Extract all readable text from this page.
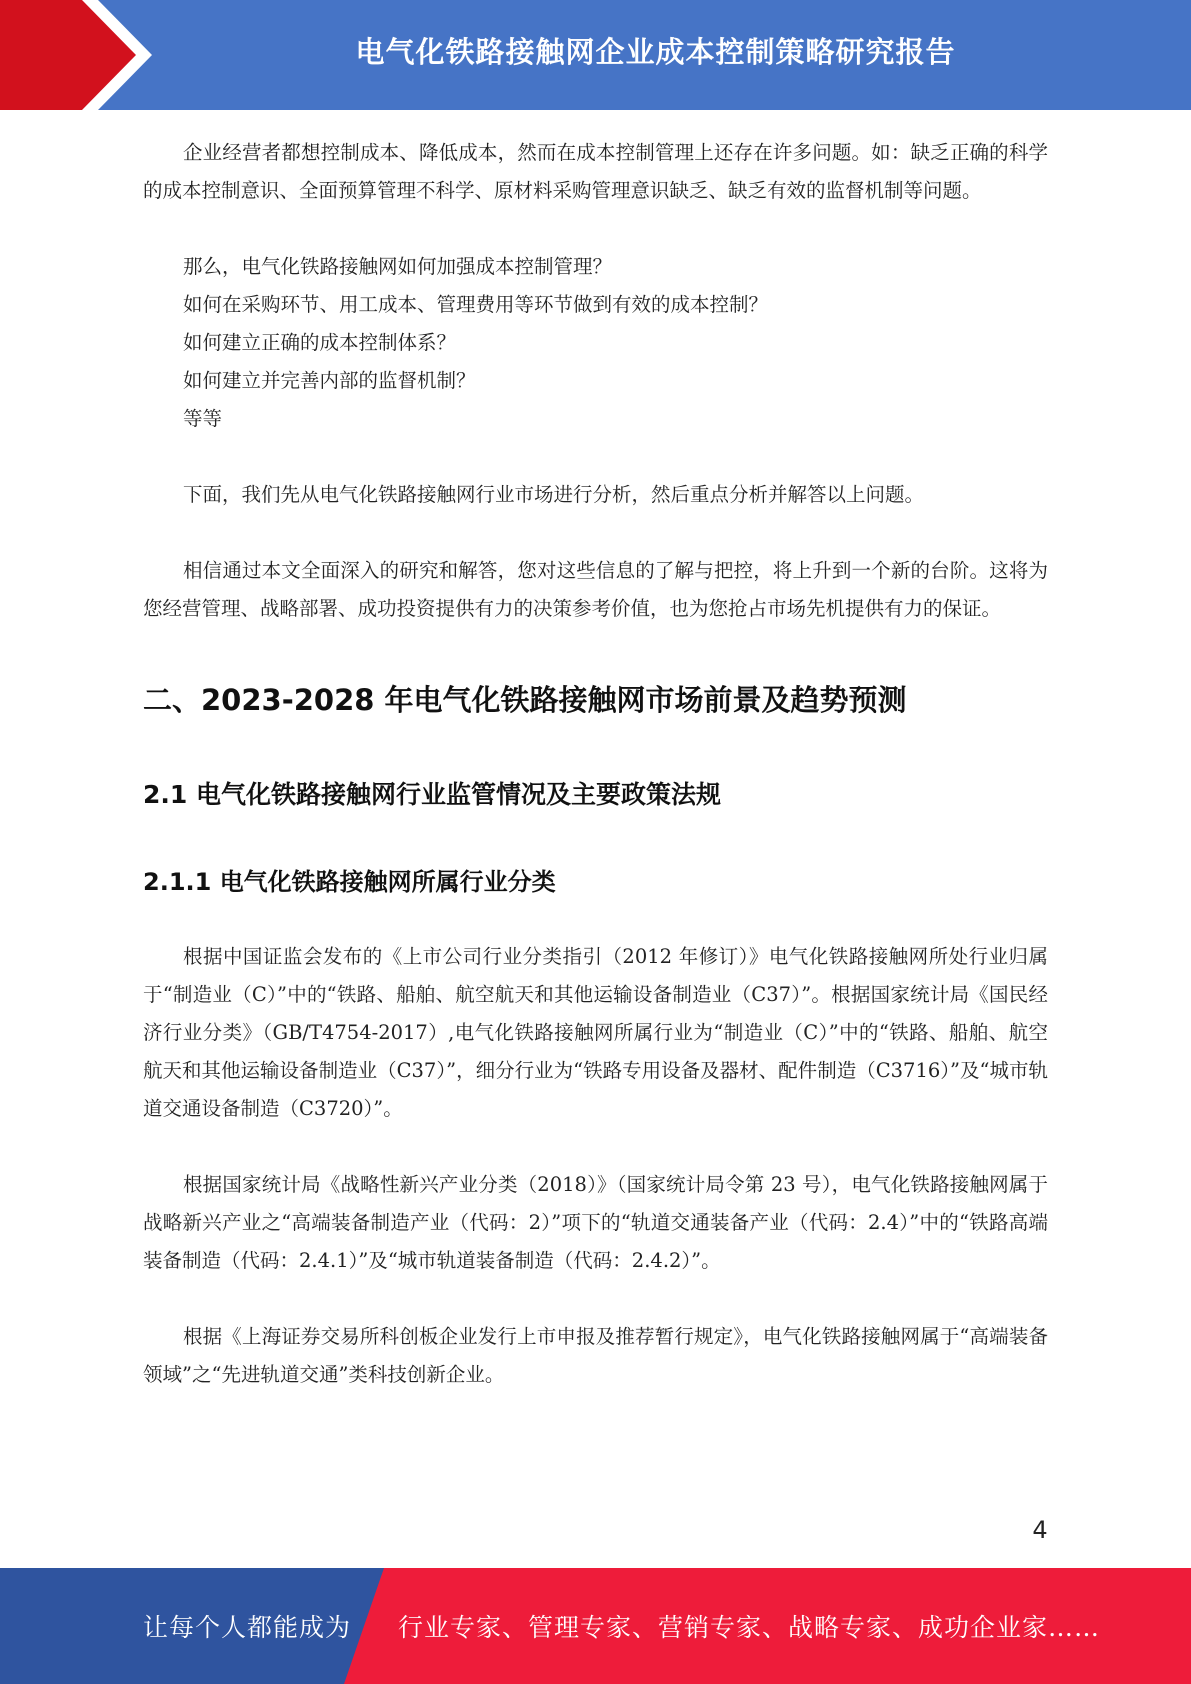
电气化铁路接触网企业成本控制策略研究报告

企业经营者都想控制成本、降低成本，然而在成本控制管理上还存在许多问题。如：缺乏正确的科学的成本控制意识、全面预算管理不科学、原材料采购管理意识缺乏、缺乏有效的监督机制等问题。

那么，电气化铁路接触网如何加强成本控制管理？

如何在采购环节、用工成本、管理费用等环节做到有效的成本控制？

如何建立正确的成本控制体系？

如何建立并完善内部的监督机制？

等等

下面，我们先从电气化铁路接触网行业市场进行分析，然后重点分析并解答以上问题。

相信通过本文全面深入的研究和解答，您对这些信息的了解与把控，将上升到一个新的台阶。这将为您经营管理、战略部署、成功投资提供有力的决策参考价值，也为您抢占市场先机提供有力的保证。

二、2023-2028 年电气化铁路接触网市场前景及趋势预测
2.1 电气化铁路接触网行业监管情况及主要政策法规
2.1.1 电气化铁路接触网所属行业分类

根据中国证监会发布的《上市公司行业分类指引（2012 年修订）》电气化铁路接触网所处行业归属于“制造业（C）”中的“铁路、船舶、航空航天和其他运输设备制造业（C37）”。根据国家统计局《国民经济行业分类》（GB/T4754-2017）,电气化铁路接触网所属行业为“制造业（C）”中的“铁路、船舶、航空航天和其他运输设备制造业（C37）”，细分行业为“铁路专用设备及器材、配件制造（C3716）”及“城市轨道交通设备制造（C3720）”。

根据国家统计局《战略性新兴产业分类（2018）》（国家统计局令第 23 号），电气化铁路接触网属于战略新兴产业之“高端装备制造产业（代码：2）”项下的“轨道交通装备产业（代码：2.4）”中的“铁路高端装备制造（代码：2.4.1）”及“城市轨道装备制造（代码：2.4.2）”。

根据《上海证券交易所科创板企业发行上市申报及推荐暂行规定》，电气化铁路接触网属于“高端装备领域”之“先进轨道交通”类科技创新企业。

4
让每个人都能成为 行业专家、管理专家、营销专家、战略专家、成功企业家……
